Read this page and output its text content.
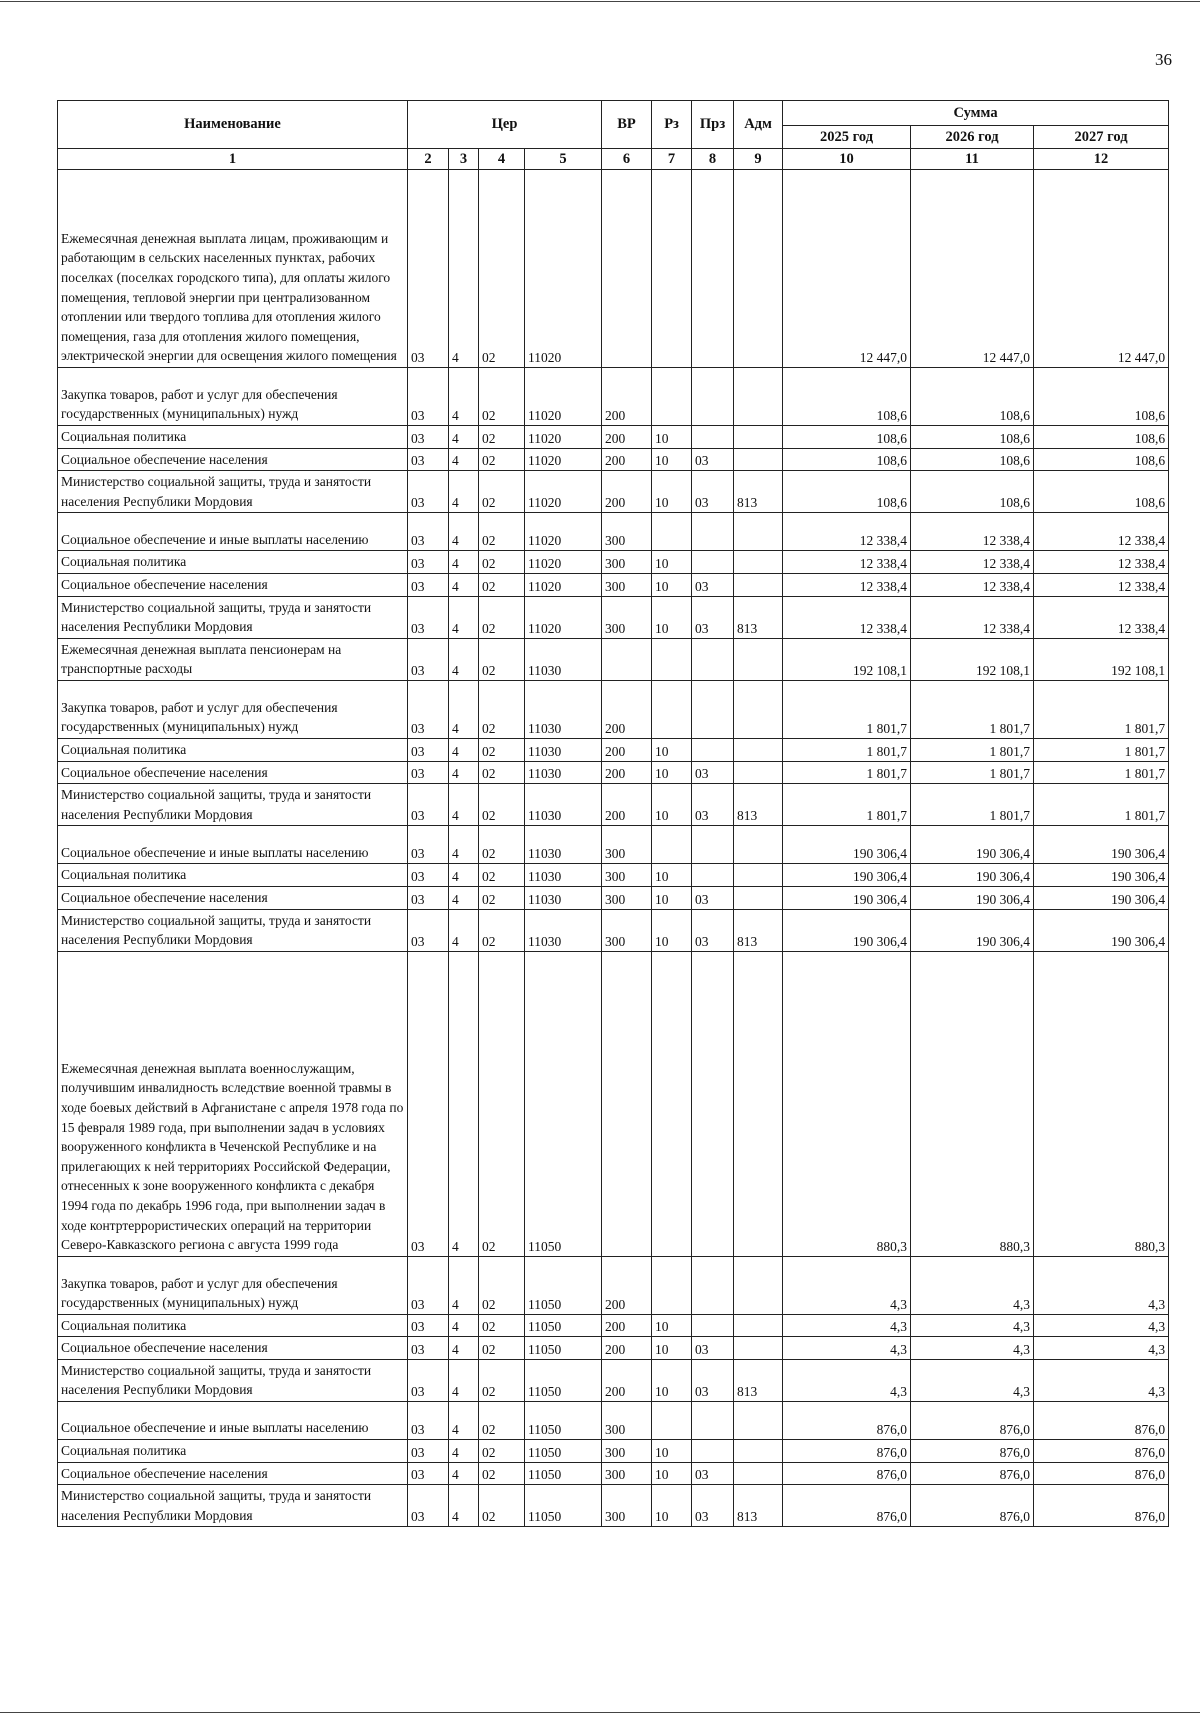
36
Наименование	Цер				ВР	Рз	Прз	Адм	Сумма		
									2025 год	2026 год	2027 год
1	2	3	4	5	6	7	8	9	10	11	12
Ежемесячная денежная выплата лицам, проживающим и работающим в сельских населенных пунктах, рабочих поселках (поселках городского типа), для оплаты жилого помещения, тепловой энергии при централизованном отоплении или твердого топлива для отопления жилого помещения, газа для отопления жилого помещения, электрической энергии для освещения жилого помещения	03	4	02	11020					12 447,0	12 447,0	12 447,0
Закупка товаров, работ и услуг для обеспечения государственных (муниципальных) нужд	03	4	02	11020	200				108,6	108,6	108,6
Социальная политика	03	4	02	11020	200	10			108,6	108,6	108,6
Социальное обеспечение населения	03	4	02	11020	200	10	03		108,6	108,6	108,6
Министерство социальной защиты, труда и занятости населения Республики Мордовия	03	4	02	11020	200	10	03	813	108,6	108,6	108,6
Социальное обеспечение и иные выплаты населению	03	4	02	11020	300				12 338,4	12 338,4	12 338,4
Социальная политика	03	4	02	11020	300	10			12 338,4	12 338,4	12 338,4
Социальное обеспечение населения	03	4	02	11020	300	10	03		12 338,4	12 338,4	12 338,4
Министерство социальной защиты, труда и занятости населения Республики Мордовия	03	4	02	11020	300	10	03	813	12 338,4	12 338,4	12 338,4
Ежемесячная денежная выплата пенсионерам на транспортные расходы	03	4	02	11030					192 108,1	192 108,1	192 108,1
Закупка товаров, работ и услуг для обеспечения государственных (муниципальных) нужд	03	4	02	11030	200				1 801,7	1 801,7	1 801,7
Социальная политика	03	4	02	11030	200	10			1 801,7	1 801,7	1 801,7
Социальное обеспечение населения	03	4	02	11030	200	10	03		1 801,7	1 801,7	1 801,7
Министерство социальной защиты, труда и занятости населения Республики Мордовия	03	4	02	11030	200	10	03	813	1 801,7	1 801,7	1 801,7
Социальное обеспечение и иные выплаты населению	03	4	02	11030	300				190 306,4	190 306,4	190 306,4
Социальная политика	03	4	02	11030	300	10			190 306,4	190 306,4	190 306,4
Социальное обеспечение населения	03	4	02	11030	300	10	03		190 306,4	190 306,4	190 306,4
Министерство социальной защиты, труда и занятости населения Республики Мордовия	03	4	02	11030	300	10	03	813	190 306,4	190 306,4	190 306,4
Ежемесячная денежная выплата военнослужащим, получившим инвалидность вследствие военной травмы в ходе боевых действий в Афганистане с апреля 1978 года по 15 февраля 1989 года, при выполнении задач в условиях вооруженного конфликта в Чеченской Республике и на прилегающих к ней территориях Российской Федерации, отнесенных к зоне вооруженного конфликта с декабря 1994 года по декабрь 1996 года, при выполнении задач в ходе контртеррористических операций на территории Северо-Кавказского региона с августа 1999 года	03	4	02	11050					880,3	880,3	880,3
Закупка товаров, работ и услуг для обеспечения государственных (муниципальных) нужд	03	4	02	11050	200				4,3	4,3	4,3
Социальная политика	03	4	02	11050	200	10			4,3	4,3	4,3
Социальное обеспечение населения	03	4	02	11050	200	10	03		4,3	4,3	4,3
Министерство социальной защиты, труда и занятости населения Республики Мордовия	03	4	02	11050	200	10	03	813	4,3	4,3	4,3
Социальное обеспечение и иные выплаты населению	03	4	02	11050	300				876,0	876,0	876,0
Социальная политика	03	4	02	11050	300	10			876,0	876,0	876,0
Социальное обеспечение населения	03	4	02	11050	300	10	03		876,0	876,0	876,0
Министерство социальной защиты, труда и занятости населения Республики Мордовия	03	4	02	11050	300	10	03	813	876,0	876,0	876,0
